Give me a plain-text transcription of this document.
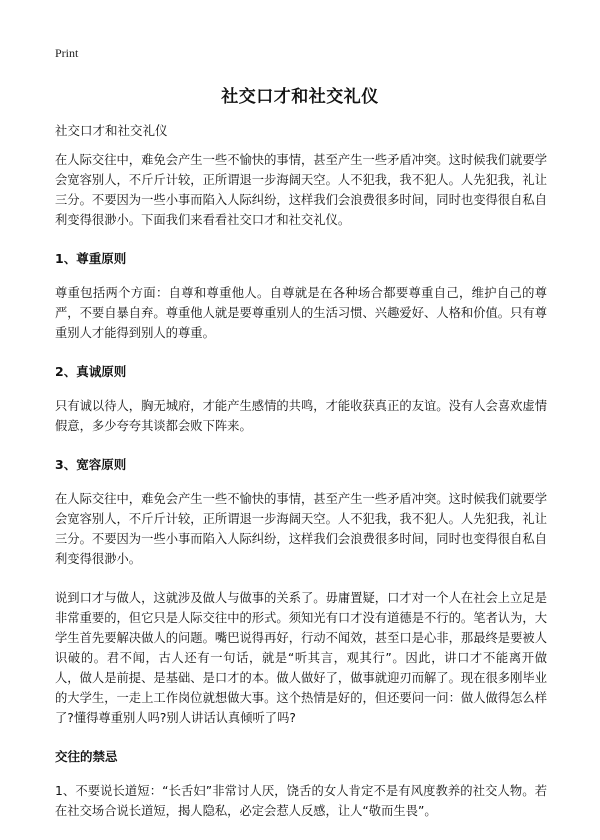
Print
社交口才和社交礼仪
社交口才和社交礼仪

在人际交往中，难免会产生一些不愉快的事情，甚至产生一些矛盾冲突。这时候我们就要学会宽容别人，不斤斤计较，正所谓退一步海阔天空。人不犯我，我不犯人。人先犯我，礼让三分。不要因为一些小事而陷入人际纠纷，这样我们会浪费很多时间，同时也变得很自私自利变得很渺小。下面我们来看看社交口才和社交礼仪。

1、尊重原则

尊重包括两个方面：自尊和尊重他人。自尊就是在各种场合都要尊重自己，维护自己的尊严，不要自暴自弃。尊重他人就是要尊重别人的生活习惯、兴趣爱好、人格和价值。只有尊重别人才能得到别人的尊重。

2、真诚原则

只有诚以待人，胸无城府，才能产生感情的共鸣，才能收获真正的友谊。没有人会喜欢虚情假意，多少夸夸其谈都会败下阵来。

3、宽容原则

在人际交往中，难免会产生一些不愉快的事情，甚至产生一些矛盾冲突。这时候我们就要学会宽容别人，不斤斤计较，正所谓退一步海阔天空。人不犯我，我不犯人。人先犯我，礼让三分。不要因为一些小事而陷入人际纠纷，这样我们会浪费很多时间，同时也变得很自私自利变得很渺小。

说到口才与做人，这就涉及做人与做事的关系了。毋庸置疑，口才对一个人在社会上立足是非常重要的，但它只是人际交往中的形式。须知光有口才没有道德是不行的。笔者认为，大学生首先要解决做人的问题。嘴巴说得再好，行动不闻效，甚至口是心非，那最终是要被人识破的。君不闻，古人还有一句话，就是“听其言，观其行”。因此，讲口才不能离开做人，做人是前提、是基础、是口才的本。做人做好了，做事就迎刃而解了。现在很多刚毕业的大学生，一走上工作岗位就想做大事。这个热情是好的，但还要问一问：做人做得怎么样了?懂得尊重别人吗?别人讲话认真倾听了吗?

交往的禁忌

1、不要说长道短：“长舌妇”非常讨人厌，饶舌的女人肯定不是有风度教养的社交人物。若在社交场合说长道短，揭人隐私，必定会惹人反感，让人“敬而生畏”。
